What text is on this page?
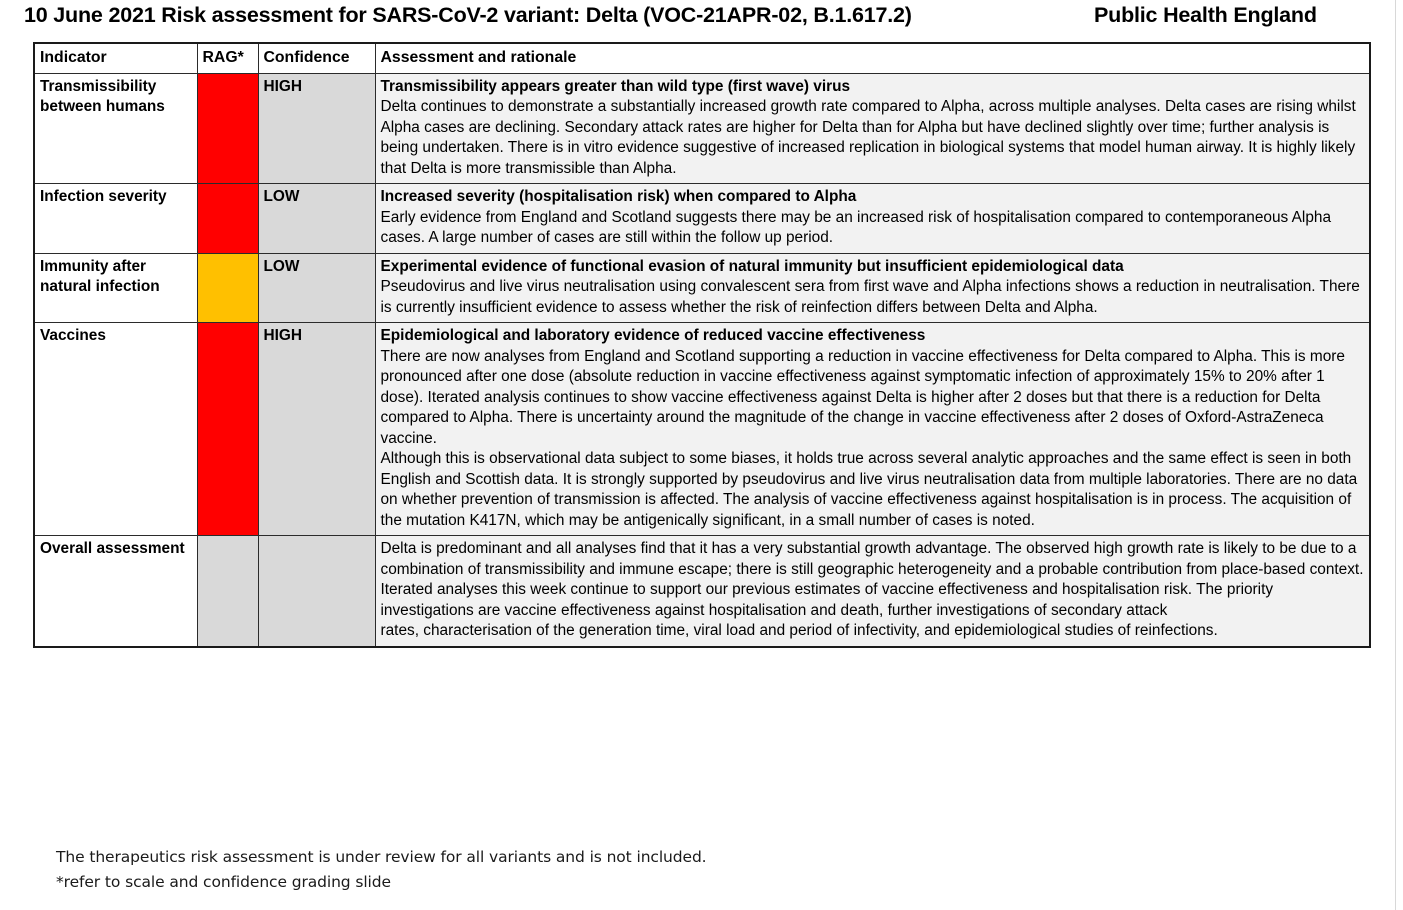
10 June 2021 Risk assessment for SARS-CoV-2 variant: Delta (VOC-21APR-02, B.1.617.2)	Public Health England
Indicator	RAG*	Confidence	Assessment and rationale
Transmissibility between humans		HIGH	Transmissibility appears greater than wild type (first wave) virus
Delta continues to demonstrate a substantially increased growth rate compared to Alpha, across multiple analyses. Delta cases are rising whilst Alpha cases are declining. Secondary attack rates are higher for Delta than for Alpha but have declined slightly over time; further analysis is being undertaken. There is in vitro evidence suggestive of increased replication in biological systems that model human airway. It is highly likely that Delta is more transmissible than Alpha.

Infection severity		LOW	Increased severity (hospitalisation risk) when compared to Alpha
Early evidence from England and Scotland suggests there may be an increased risk of hospitalisation compared to contemporaneous Alpha cases. A large number of cases are still within the follow up period.

Immunity after natural infection		LOW	Experimental evidence of functional evasion of natural immunity but insufficient epidemiological data
Pseudovirus and live virus neutralisation using convalescent sera from first wave and Alpha infections shows a reduction in neutralisation. There is currently insufficient evidence to assess whether the risk of reinfection differs between Delta and Alpha.

Vaccines		HIGH	Epidemiological and laboratory evidence of reduced vaccine effectiveness
There are now analyses from England and Scotland supporting a reduction in vaccine effectiveness for Delta compared to Alpha. This is more pronounced after one dose (absolute reduction in vaccine effectiveness against symptomatic infection of approximately 15% to 20% after 1 dose). Iterated analysis continues to show vaccine effectiveness against Delta is higher after 2 doses but that there is a reduction for Delta compared to Alpha. There is uncertainty around the magnitude of the change in vaccine effectiveness after 2 doses of Oxford-AstraZeneca vaccine.
Although this is observational data subject to some biases, it holds true across several analytic approaches and the same effect is seen in both English and Scottish data. It is strongly supported by pseudovirus and live virus neutralisation data from multiple laboratories. There are no data on whether prevention of transmission is affected. The analysis of vaccine effectiveness against hospitalisation is in process. The acquisition of the mutation K417N, which may be antigenically significant, in a small number of cases is noted.

Overall assessment			Delta is predominant and all analyses find that it has a very substantial growth advantage. The observed high growth rate is likely to be due to a combination of transmissibility and immune escape; there is still geographic heterogeneity and a probable contribution from place-based context. Iterated analyses this week continue to support our previous estimates of vaccine effectiveness and hospitalisation risk. The priority investigations are vaccine effectiveness against hospitalisation and death, further investigations of secondary attack
rates, characterisation of the generation time, viral load and period of infectivity, and epidemiological studies of reinfections.
The therapeutics risk assessment is under review for all variants and is not included.
*refer to scale and confidence grading slide
